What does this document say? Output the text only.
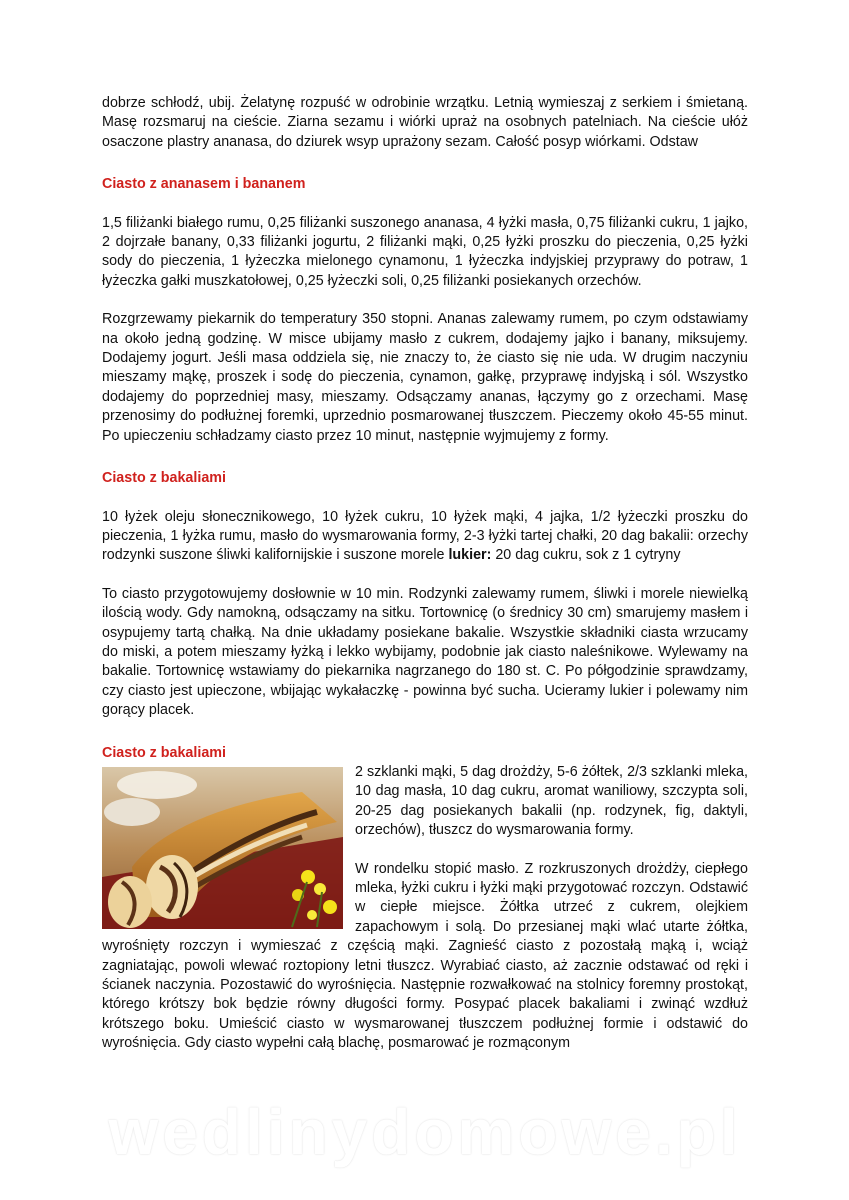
dobrze schłodź, ubij. Żelatynę rozpuść w odrobinie wrzątku. Letnią wymieszaj z serkiem i śmietaną. Masę rozsmaruj na cieście. Ziarna sezamu i wiórki upraż na osobnych patelniach. Na cieście ułóż osaczone plastry ananasa, do dziurek wsyp uprażony sezam. Całość posyp wiórkami. Odstaw

Ciasto z ananasem i bananem

1,5 filiżanki białego rumu, 0,25 filiżanki suszonego ananasa, 4 łyżki masła, 0,75 filiżanki cukru, 1 jajko, 2 dojrzałe banany, 0,33 filiżanki jogurtu, 2 filiżanki mąki, 0,25 łyżki proszku do pieczenia, 0,25 łyżki sody do pieczenia, 1 łyżeczka mielonego cynamonu, 1 łyżeczka indyjskiej przyprawy do potraw, 1 łyżeczka gałki muszkatołowej, 0,25 łyżeczki soli, 0,25 filiżanki posiekanych orzechów.

Rozgrzewamy piekarnik do temperatury 350 stopni. Ananas zalewamy rumem, po czym odstawiamy na około jedną godzinę. W misce ubijamy masło z cukrem, dodajemy jajko i banany, miksujemy. Dodajemy jogurt. Jeśli masa oddziela się, nie znaczy to, że ciasto się nie uda. W drugim naczyniu mieszamy mąkę, proszek i sodę do pieczenia, cynamon, gałkę, przyprawę indyjską i sól. Wszystko dodajemy do poprzedniej masy, mieszamy. Odsączamy ananas, łączymy go z orzechami. Masę przenosimy do podłużnej foremki, uprzednio posmarowanej tłuszczem. Pieczemy około 45-55 minut. Po upieczeniu schładzamy ciasto przez 10 minut, następnie wyjmujemy z formy.

Ciasto z bakaliami

10 łyżek oleju słonecznikowego, 10 łyżek cukru, 10 łyżek mąki, 4 jajka, 1/2 łyżeczki proszku do pieczenia, 1 łyżka rumu, masło do wysmarowania formy, 2-3 łyżki tartej chałki, 20 dag bakalii: orzechy rodzynki suszone śliwki kalifornijskie i suszone morele lukier: 20 dag cukru, sok z 1 cytryny

To ciasto przygotowujemy dosłownie w 10 min. Rodzynki zalewamy rumem, śliwki i morele niewielką ilością wody. Gdy namokną, odsączamy na sitku. Tortownicę (o średnicy 30 cm) smarujemy masłem i osypujemy tartą chałką. Na dnie układamy posiekane bakalie. Wszystkie składniki ciasta wrzucamy do miski, a potem mieszamy łyżką i lekko wybijamy, podobnie jak ciasto naleśnikowe. Wylewamy na bakalie. Tortownicę wstawiamy do piekarnika nagrzanego do 180 st. C. Po półgodzinie sprawdzamy, czy ciasto jest upieczone, wbijając wykałaczkę - powinna być sucha. Ucieramy lukier i polewamy nim gorący placek.

Ciasto z bakaliami

2 szklanki mąki, 5 dag drożdży, 5-6 żółtek, 2/3 szklanki mleka, 10 dag masła, 10 dag cukru, aromat waniliowy, szczypta soli, 20-25 dag posiekanych bakalii (np. rodzynek, fig, daktyli, orzechów), tłuszcz do wysmarowania formy.

W rondelku stopić masło. Z rozkruszonych drożdży, ciepłego mleka, łyżki cukru i łyżki mąki przygotować rozczyn. Odstawić w ciepłe miejsce. Żółtka utrzeć z cukrem, olejkiem zapachowym i solą. Do przesianej mąki wlać utarte żółtka, wyrośnięty rozczyn i wymieszać z częścią mąki. Zagnieść ciasto z pozostałą mąką i, wciąż zagniatając, powoli wlewać roztopiony letni tłuszcz. Wyrabiać ciasto, aż zacznie odstawać od ręki i ścianek naczynia. Pozostawić do wyrośnięcia. Następnie rozwałkować na stolnicy foremny prostokąt, którego krótszy bok będzie równy długości formy. Posypać placek bakaliami i zwinąć wzdłuż krótszego boku. Umieścić ciasto w wysmarowanej tłuszczem podłużnej formie i odstawić do wyrośnięcia. Gdy ciasto wypełni całą blachę, posmarować je rozmąconym

wedlinydomowe.pl
